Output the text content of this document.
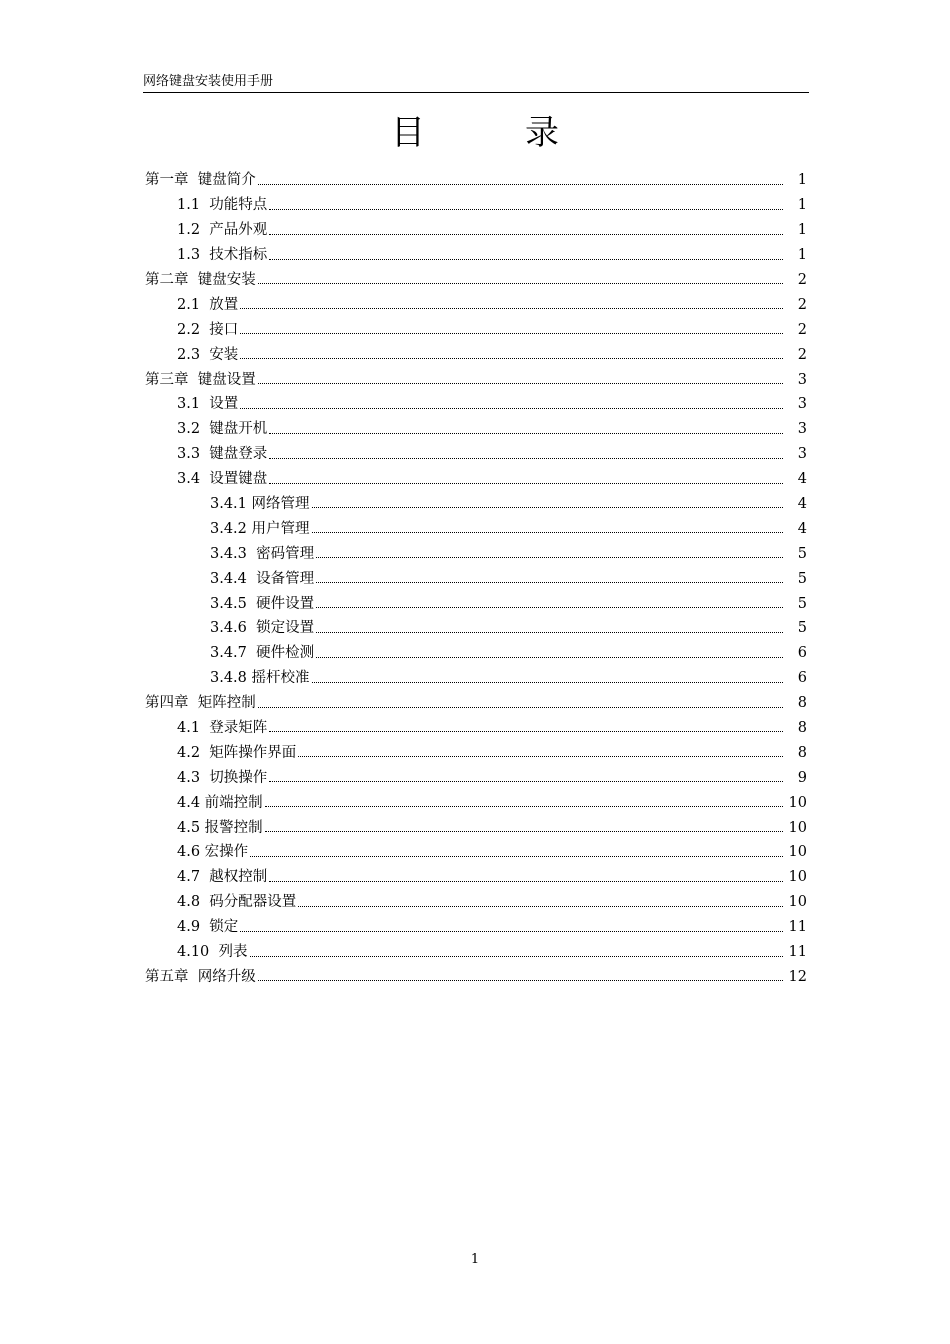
网络键盘安装使用手册
目	录
第一章  键盘简介	1
1.1  功能特点	1
1.2  产品外观	1
1.3  技术指标	1
第二章  键盘安装	2
2.1  放置	2
2.2  接口	2
2.3  安装	2
第三章  键盘设置	3
3.1  设置	3
3.2  键盘开机	3
3.3  键盘登录	3
3.4  设置键盘	4
3.4.1 网络管理	4
3.4.2 用户管理	4
3.4.3  密码管理	5
3.4.4  设备管理	5
3.4.5  硬件设置	5
3.4.6  锁定设置	5
3.4.7  硬件检测	6
3.4.8 摇杆校准	6
第四章  矩阵控制	8
4.1  登录矩阵	8
4.2  矩阵操作界面	8
4.3  切换操作	9
4.4 前端控制	10
4.5 报警控制	10
4.6 宏操作	10
4.7  越权控制	10
4.8  码分配器设置	10
4.9  锁定	11
4.10  列表	11
第五章  网络升级	12
1
